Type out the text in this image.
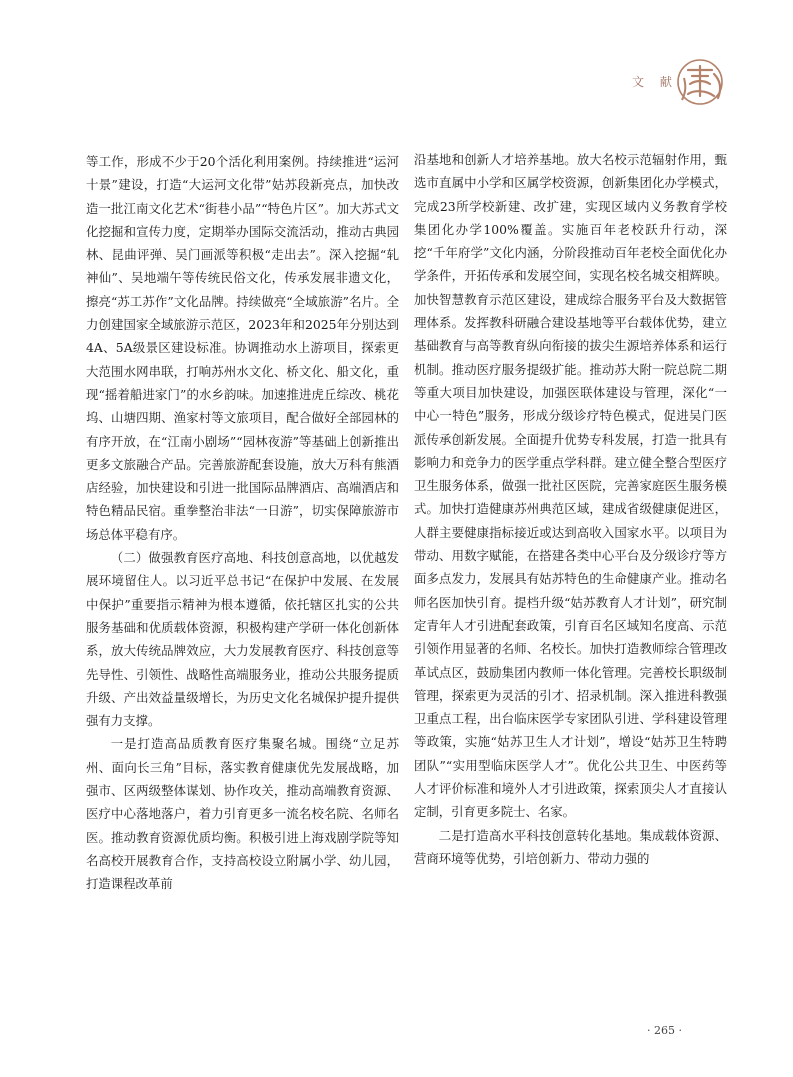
文 献

等工作，形成不少于20个活化利用案例。持续推进“运河十景”建设，打造“大运河文化带”姑苏段新亮点，加快改造一批江南文化艺术“街巷小品”“特色片区”。加大苏式文化挖掘和宣传力度，定期举办国际交流活动，推动古典园林、昆曲评弹、吴门画派等积极“走出去”。深入挖掘“轧神仙”、吴地端午等传统民俗文化，传承发展非遗文化，擦亮“苏工苏作”文化品牌。持续做亮“全域旅游”名片。全力创建国家全域旅游示范区，2023年和2025年分别达到4A、5A级景区建设标准。协调推动水上游项目，探索更大范围水网串联，打响苏州水文化、桥文化、船文化，重现“摇着船进家门”的水乡韵味。加速推进虎丘综改、桃花坞、山塘四期、渔家村等文旅项目，配合做好全部园林的有序开放，在“江南小剧场”“园林夜游”等基础上创新推出更多文旅融合产品。完善旅游配套设施，放大万科有熊酒店经验，加快建设和引进一批国际品牌酒店、高端酒店和特色精品民宿。重拳整治非法“一日游”，切实保障旅游市场总体平稳有序。

（二）做强教育医疗高地、科技创意高地，以优越发展环境留住人。以习近平总书记“在保护中发展、在发展中保护”重要指示精神为根本遵循，依托辖区扎实的公共服务基础和优质载体资源，积极构建产学研一体化创新体系，放大传统品牌效应，大力发展教育医疗、科技创意等先导性、引领性、战略性高端服务业，推动公共服务提质升级、产出效益量级增长，为历史文化名城保护提升提供强有力支撑。

一是打造高品质教育医疗集聚名城。围绕“立足苏州、面向长三角”目标，落实教育健康优先发展战略，加强市、区两级整体谋划、协作攻关，推动高端教育资源、医疗中心落地落户，着力引育更多一流名校名院、名师名医。推动教育资源优质均衡。积极引进上海戏剧学院等知名高校开展教育合作，支持高校设立附属小学、幼儿园，打造课程改革前

沿基地和创新人才培养基地。放大名校示范辐射作用，甄选市直属中小学和区属学校资源，创新集团化办学模式，完成23所学校新建、改扩建，实现区域内义务教育学校集团化办学100%覆盖。实施百年老校跃升行动，深挖“千年府学”文化内涵，分阶段推动百年老校全面优化办学条件，开拓传承和发展空间，实现名校名城交相辉映。加快智慧教育示范区建设，建成综合服务平台及大数据管理体系。发挥教科研融合建设基地等平台载体优势，建立基础教育与高等教育纵向衔接的拔尖生源培养体系和运行机制。推动医疗服务提级扩能。推动苏大附一院总院二期等重大项目加快建设，加强医联体建设与管理，深化“一中心一特色”服务，形成分级诊疗特色模式，促进吴门医派传承创新发展。全面提升优势专科发展，打造一批具有影响力和竞争力的医学重点学科群。建立健全整合型医疗卫生服务体系，做强一批社区医院，完善家庭医生服务模式。加快打造健康苏州典范区域，建成省级健康促进区，人群主要健康指标接近或达到高收入国家水平。以项目为带动、用数字赋能，在搭建各类中心平台及分级诊疗等方面多点发力，发展具有姑苏特色的生命健康产业。推动名师名医加快引育。提档升级“姑苏教育人才计划”，研究制定青年人才引进配套政策，引育百名区域知名度高、示范引领作用显著的名师、名校长。加快打造教师综合管理改革试点区，鼓励集团内教师一体化管理。完善校长职级制管理，探索更为灵活的引才、招录机制。深入推进科教强卫重点工程，出台临床医学专家团队引进、学科建设管理等政策，实施“姑苏卫生人才计划”，增设“姑苏卫生特聘团队”“实用型临床医学人才”。优化公共卫生、中医药等人才评价标准和境外人才引进政策，探索顶尖人才直接认定制，引育更多院士、名家。

二是打造高水平科技创意转化基地。集成载体资源、营商环境等优势，引培创新力、带动力强的

· 265 ·
